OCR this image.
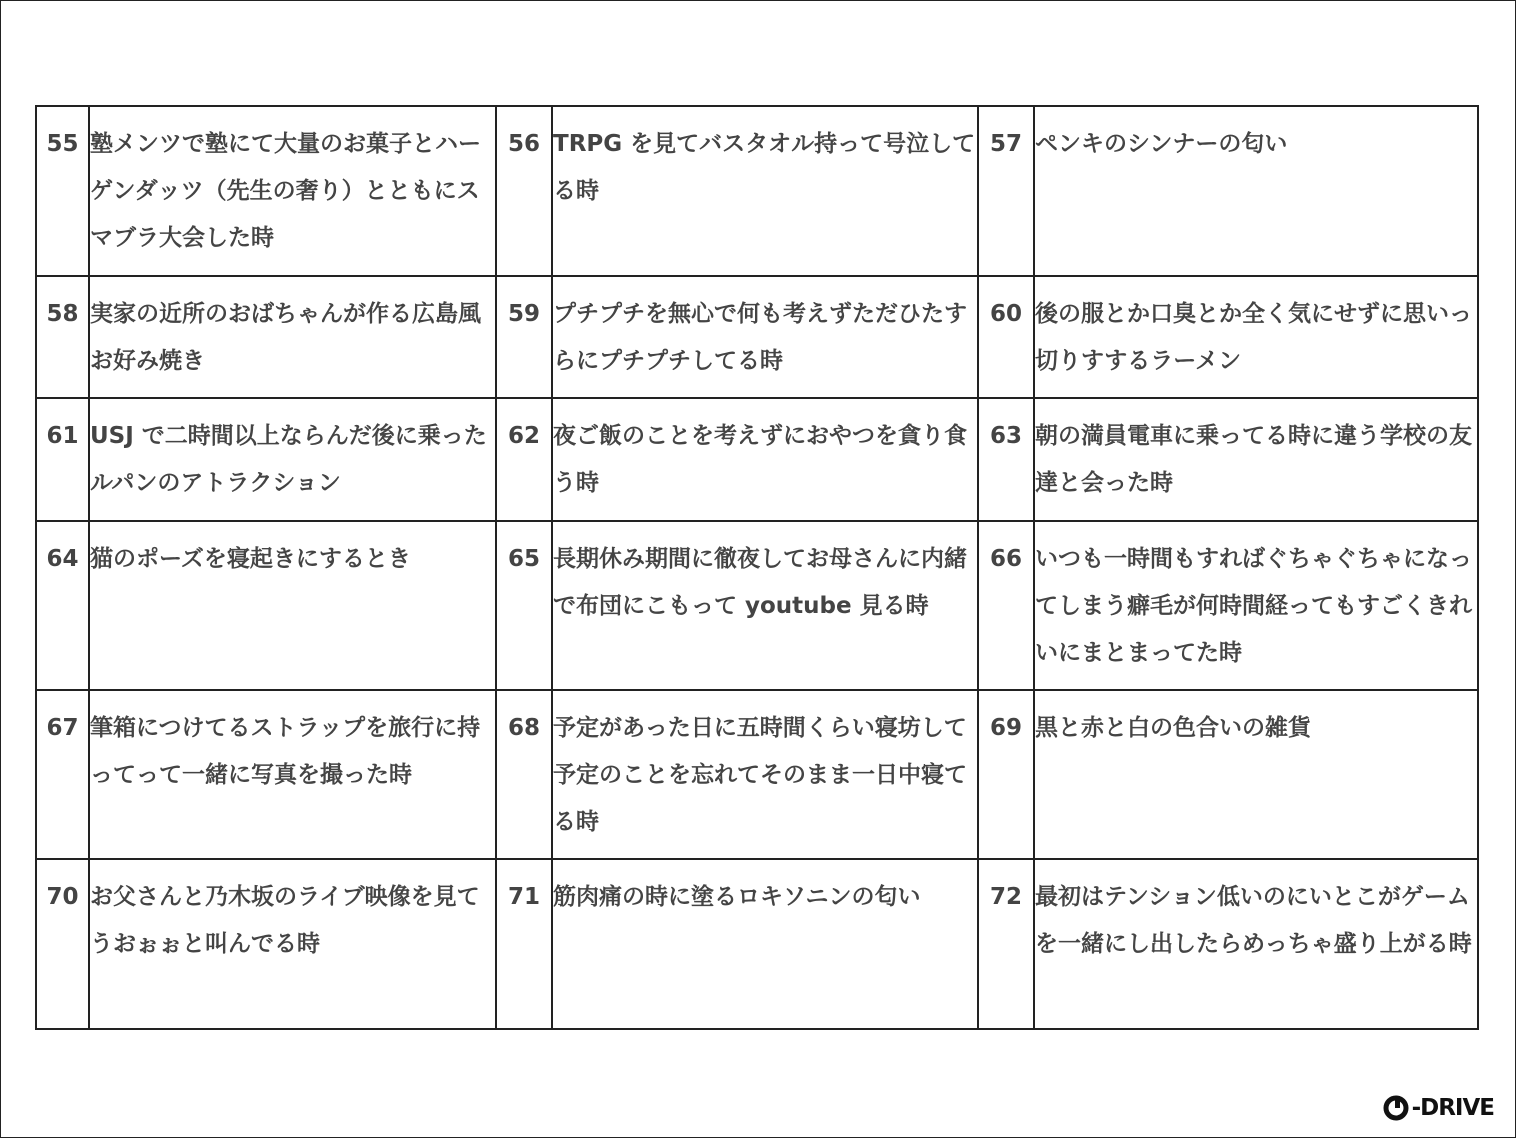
55	塾メンツで塾にて大量のお菓子とハーゲンダッツ（先生の奢り）とともにスマブラ大会した時	56	TRPG を見てバスタオル持って号泣してる時	57	ペンキのシンナーの匂い
58	実家の近所のおばちゃんが作る広島風お好み焼き	59	プチプチを無心で何も考えずただひたすらにプチプチしてる時	60	後の服とか口臭とか全く気にせずに思いっ切りすするラーメン
61	USJ で二時間以上ならんだ後に乗ったルパンのアトラクション	62	夜ご飯のことを考えずにおやつを貪り食う時	63	朝の満員電車に乗ってる時に違う学校の友達と会った時
64	猫のポーズを寝起きにするとき	65	長期休み期間に徹夜してお母さんに内緒で布団にこもって youtube 見る時	66	いつも一時間もすればぐちゃぐちゃになってしまう癖毛が何時間経ってもすごくきれいにまとまってた時
67	筆箱につけてるストラップを旅行に持ってって一緒に写真を撮った時	68	予定があった日に五時間くらい寝坊して予定のことを忘れてそのまま一日中寝てる時	69	黒と赤と白の色合いの雑貨
70	お父さんと乃木坂のライブ映像を見てうおぉぉと叫んでる時	71	筋肉痛の時に塗るロキソニンの匂い	72	最初はテンション低いのにいとこがゲームを一緒にし出したらめっちゃ盛り上がる時
-DRIVE
